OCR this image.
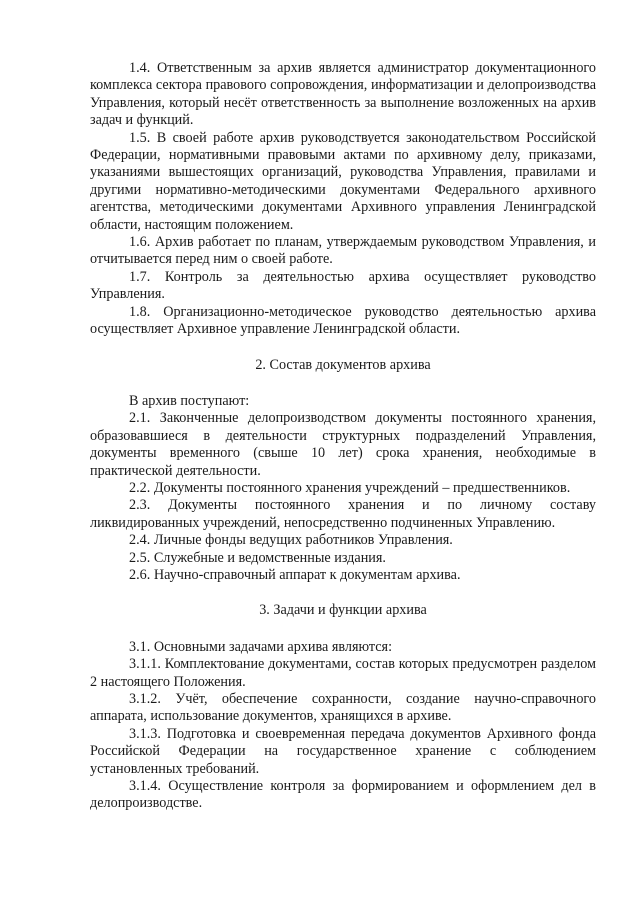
1.4. Ответственным за архив является администратор документационного комплекса сектора правового сопровождения, информатизации и делопроизводства Управления, который несёт ответственность за выполнение возложенных на архив задач и функций.

1.5. В своей работе архив руководствуется законодательством Российской Федерации, нормативными правовыми актами по архивному делу, приказами, указаниями вышестоящих организаций, руководства Управления, правилами и другими нормативно-методическими документами Федерального архивного агентства, методическими документами Архивного управления Ленинградской области, настоящим положением.

1.6. Архив работает по планам, утверждаемым руководством Управления, и отчитывается перед ним о своей работе.

1.7. Контроль за деятельностью архива осуществляет руководство Управления.

1.8. Организационно-методическое руководство деятельностью архива осуществляет Архивное управление Ленинградской области.

2. Состав документов архива

В архив поступают:

2.1. Законченные делопроизводством документы постоянного хранения, образовавшиеся в деятельности структурных подразделений Управления, документы временного (свыше 10 лет) срока хранения, необходимые в практической деятельности.

2.2. Документы постоянного хранения учреждений – предшественников.

2.3. Документы постоянного хранения и по личному составу ликвидированных учреждений, непосредственно подчиненных Управлению.

2.4. Личные фонды ведущих работников Управления.

2.5. Служебные и ведомственные издания.

2.6. Научно-справочный аппарат к документам архива.

3. Задачи и функции архива

3.1. Основными задачами архива являются:

3.1.1. Комплектование документами, состав которых предусмотрен разделом 2 настоящего Положения.

3.1.2. Учёт, обеспечение сохранности, создание научно-справочного аппарата, использование документов, хранящихся в архиве.

3.1.3. Подготовка и своевременная передача документов Архивного фонда Российской Федерации на государственное хранение с соблюдением установленных требований.

3.1.4. Осуществление контроля за формированием и оформлением дел в делопроизводстве.
